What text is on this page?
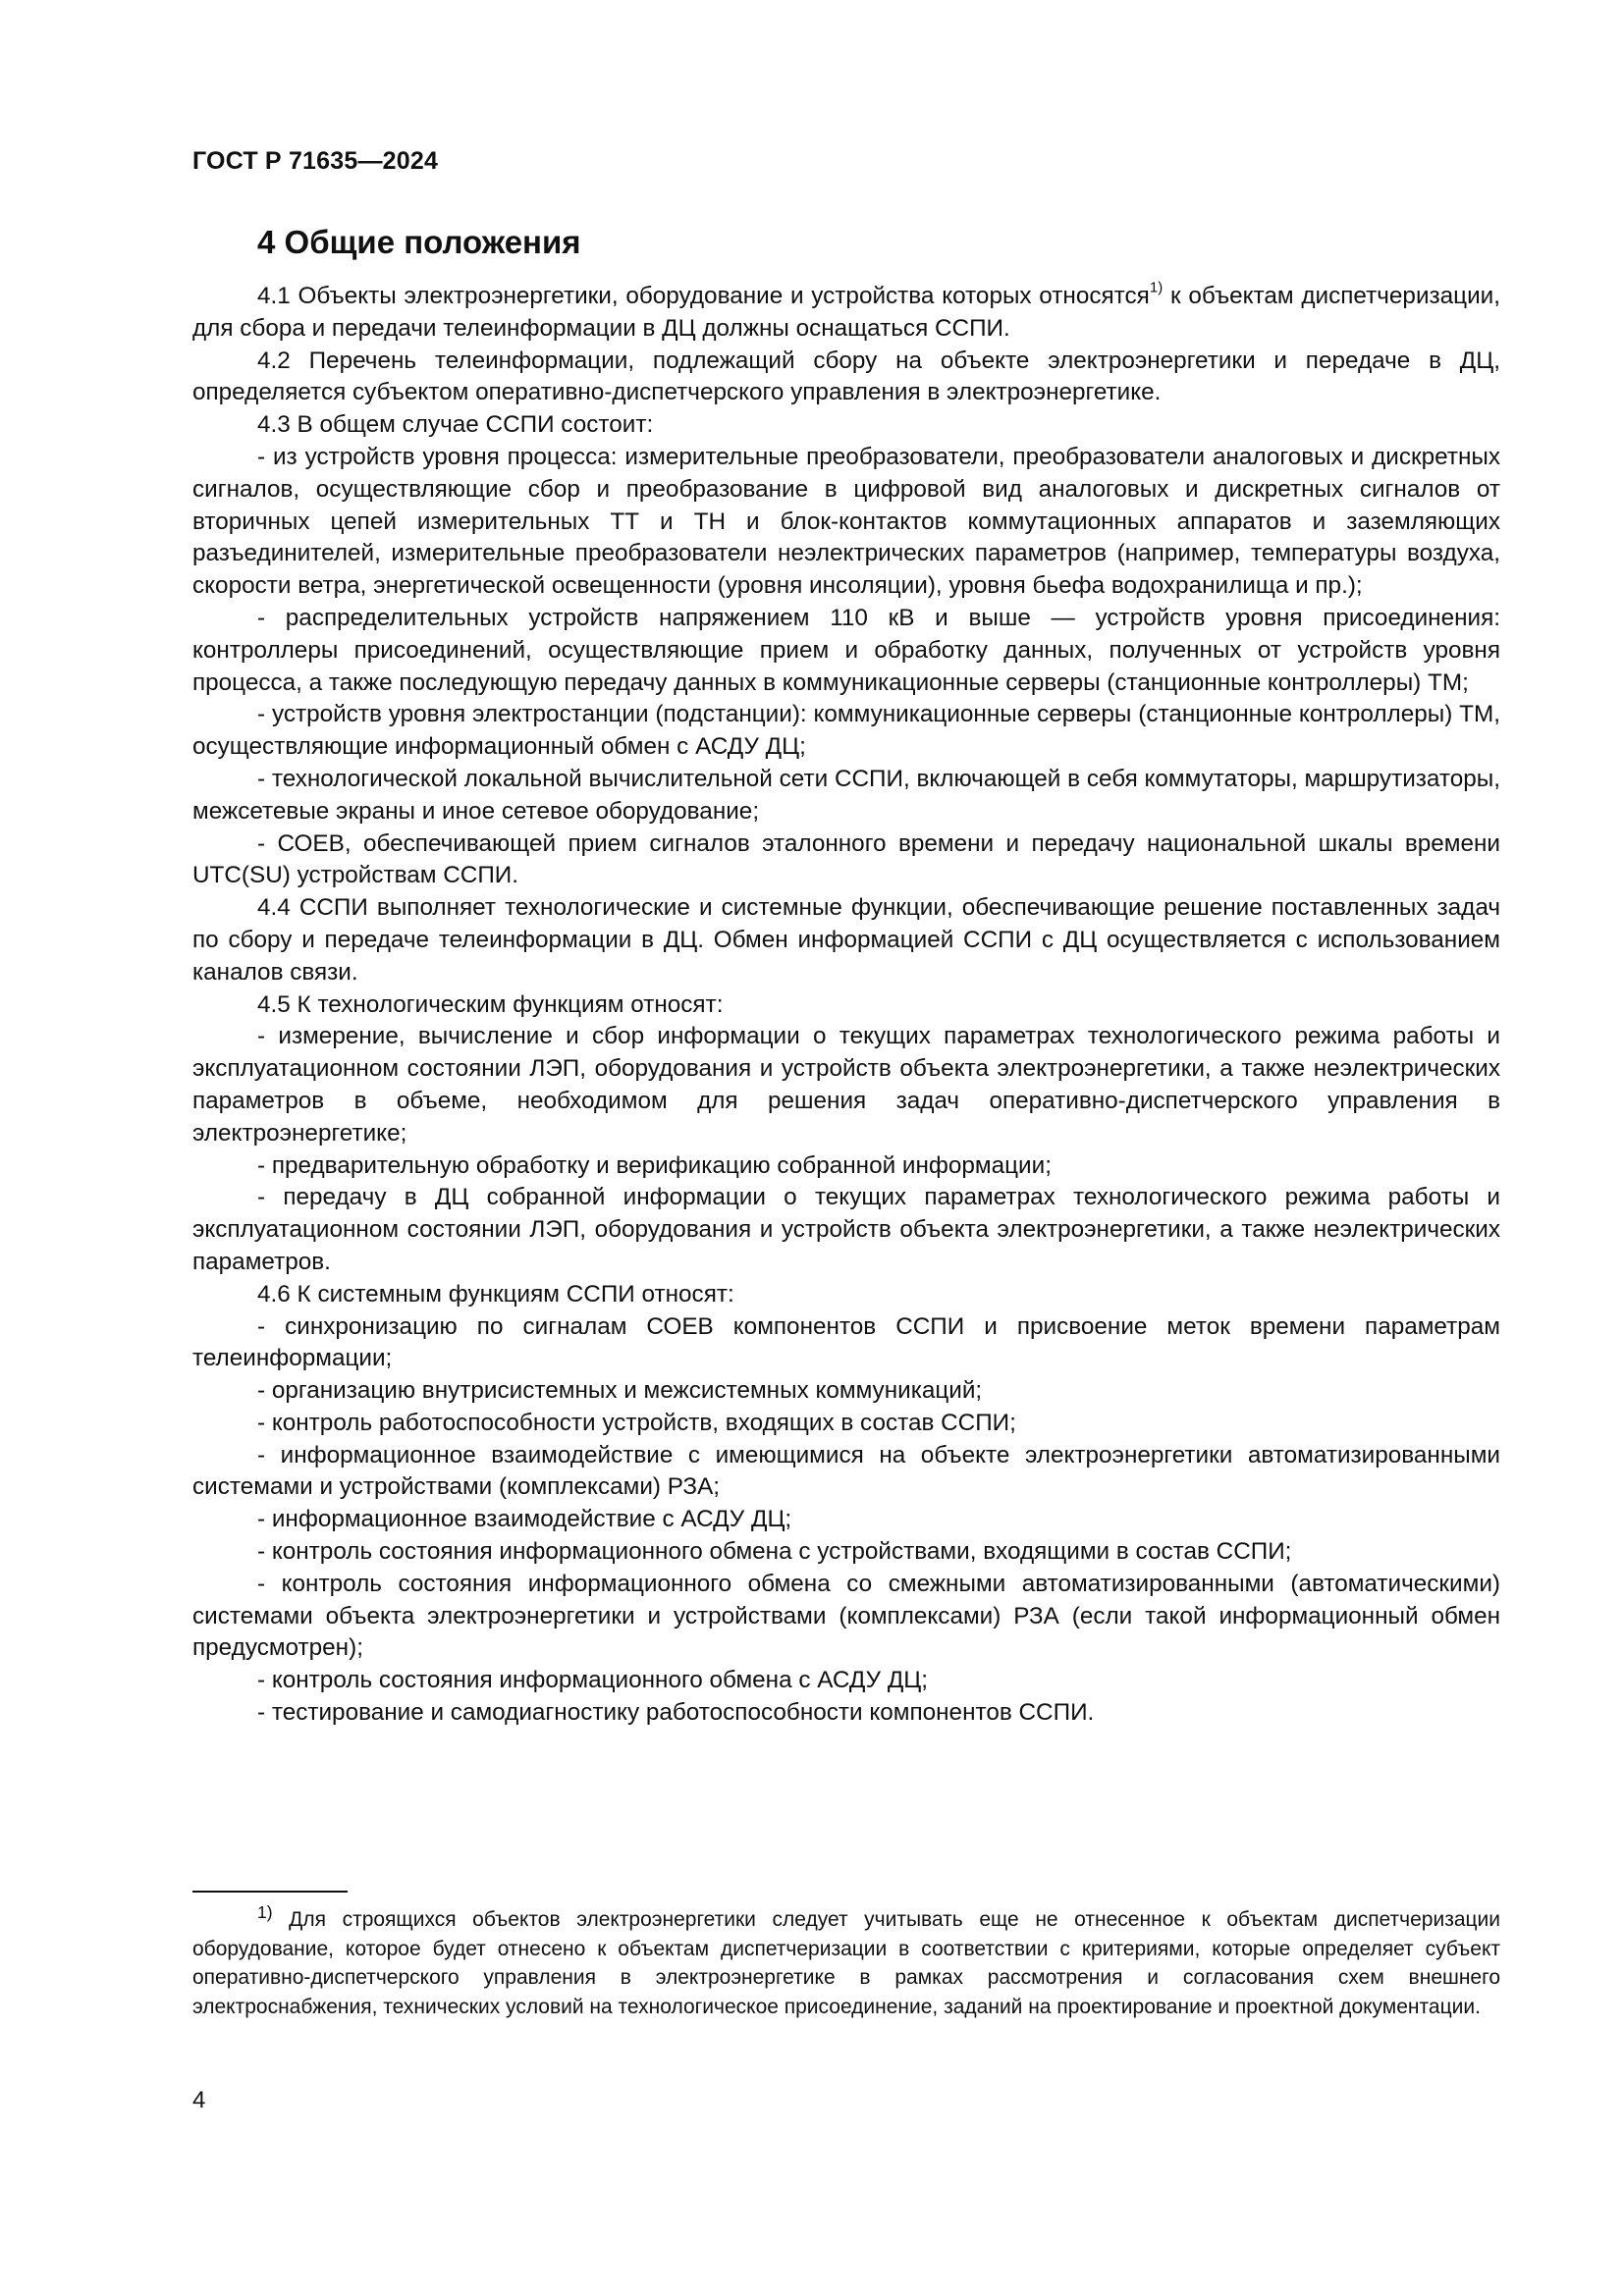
ГОСТ Р 71635—2024
4 Общие положения

4.1 Объекты электроэнергетики, оборудование и устройства которых относятся$^{1)}$ к объектам диспетчеризации, для сбора и передачи телеинформации в ДЦ должны оснащаться ССПИ.

4.2 Перечень телеинформации, подлежащий сбору на объекте электроэнергетики и передаче в ДЦ, определяется субъектом оперативно-диспетчерского управления в электроэнергетике.

4.3 В общем случае ССПИ состоит:

- из устройств уровня процесса: измерительные преобразователи, преобразователи аналоговых и дискретных сигналов, осуществляющие сбор и преобразование в цифровой вид аналоговых и дискретных сигналов от вторичных цепей измерительных ТТ и ТН и блок-контактов коммутационных аппаратов и заземляющих разъединителей, измерительные преобразователи неэлектрических параметров (например, температуры воздуха, скорости ветра, энергетической освещенности (уровня инсоляции), уровня бьефа водохранилища и пр.);

- распределительных устройств напряжением 110 кВ и выше — устройств уровня присоединения: контроллеры присоединений, осуществляющие прием и обработку данных, полученных от устройств уровня процесса, а также последующую передачу данных в коммуникационные серверы (станционные контроллеры) ТМ;

- устройств уровня электростанции (подстанции): коммуникационные серверы (станционные контроллеры) ТМ, осуществляющие информационный обмен с АСДУ ДЦ;

- технологической локальной вычислительной сети ССПИ, включающей в себя коммутаторы, маршрутизаторы, межсетевые экраны и иное сетевое оборудование;

- СОЕВ, обеспечивающей прием сигналов эталонного времени и передачу национальной шкалы времени UTC(SU) устройствам ССПИ.

4.4 ССПИ выполняет технологические и системные функции, обеспечивающие решение поставленных задач по сбору и передаче телеинформации в ДЦ. Обмен информацией ССПИ с ДЦ осуществляется с использованием каналов связи.

4.5 К технологическим функциям относят:

- измерение, вычисление и сбор информации о текущих параметрах технологического режима работы и эксплуатационном состоянии ЛЭП, оборудования и устройств объекта электроэнергетики, а также неэлектрических параметров в объеме, необходимом для решения задач оперативно-диспетчерского управления в электроэнергетике;

- предварительную обработку и верификацию собранной информации;

- передачу в ДЦ собранной информации о текущих параметрах технологического режима работы и эксплуатационном состоянии ЛЭП, оборудования и устройств объекта электроэнергетики, а также неэлектрических параметров.

4.6 К системным функциям ССПИ относят:

- синхронизацию по сигналам СОЕВ компонентов ССПИ и присвоение меток времени параметрам телеинформации;

- организацию внутрисистемных и межсистемных коммуникаций;

- контроль работоспособности устройств, входящих в состав ССПИ;

- информационное взаимодействие с имеющимися на объекте электроэнергетики автоматизированными системами и устройствами (комплексами) РЗА;

- информационное взаимодействие с АСДУ ДЦ;

- контроль состояния информационного обмена с устройствами, входящими в состав ССПИ;

- контроль состояния информационного обмена со смежными автоматизированными (автоматическими) системами объекта электроэнергетики и устройствами (комплексами) РЗА (если такой информационный обмен предусмотрен);

- контроль состояния информационного обмена с АСДУ ДЦ;

- тестирование и самодиагностику работоспособности компонентов ССПИ.

$^{1)}$ Для строящихся объектов электроэнергетики следует учитывать еще не отнесенное к объектам диспетчеризации оборудование, которое будет отнесено к объектам диспетчеризации в соответствии с критериями, которые определяет субъект оперативно-диспетчерского управления в электроэнергетике в рамках рассмотрения и согласования схем внешнего электроснабжения, технических условий на технологическое присоединение, заданий на проектирование и проектной документации.

4
